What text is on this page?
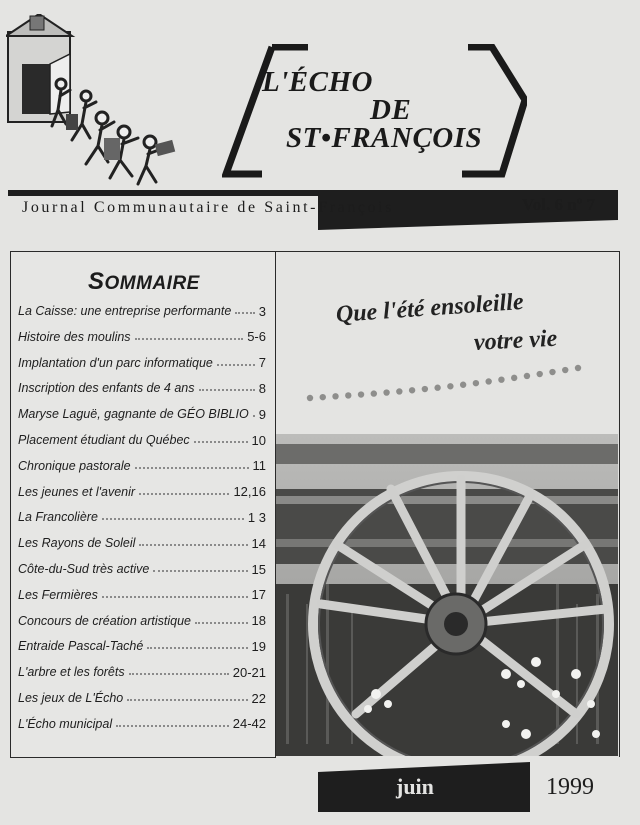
L'ÉCHO
DE
ST•FRANÇOIS
Journal Communautaire de Saint-François	Vol. 6 nº 7
SOMMAIRE
La Caisse: une entreprise performante 3
Histoire des moulins	5-6
Implantation d'un parc informatique	7
Inscription des enfants de 4 ans	8
Maryse Laguë, gagnante de GÉO BIBLIO 9
Placement étudiant du Québec	10
Chronique pastorale	11
Les jeunes et l'avenir	12,16
La Francolière	1 3
Les Rayons de Soleil	14
Côte-du-Sud très active	15
Les Fermières	17
Concours de création artistique	18
Entraide Pascal-Taché	19
L'arbre et les forêts	20-21
Les jeux de L'Écho	22
L'Écho municipal	24-42
Que l'été ensoleille
votre vie
juin	1999
